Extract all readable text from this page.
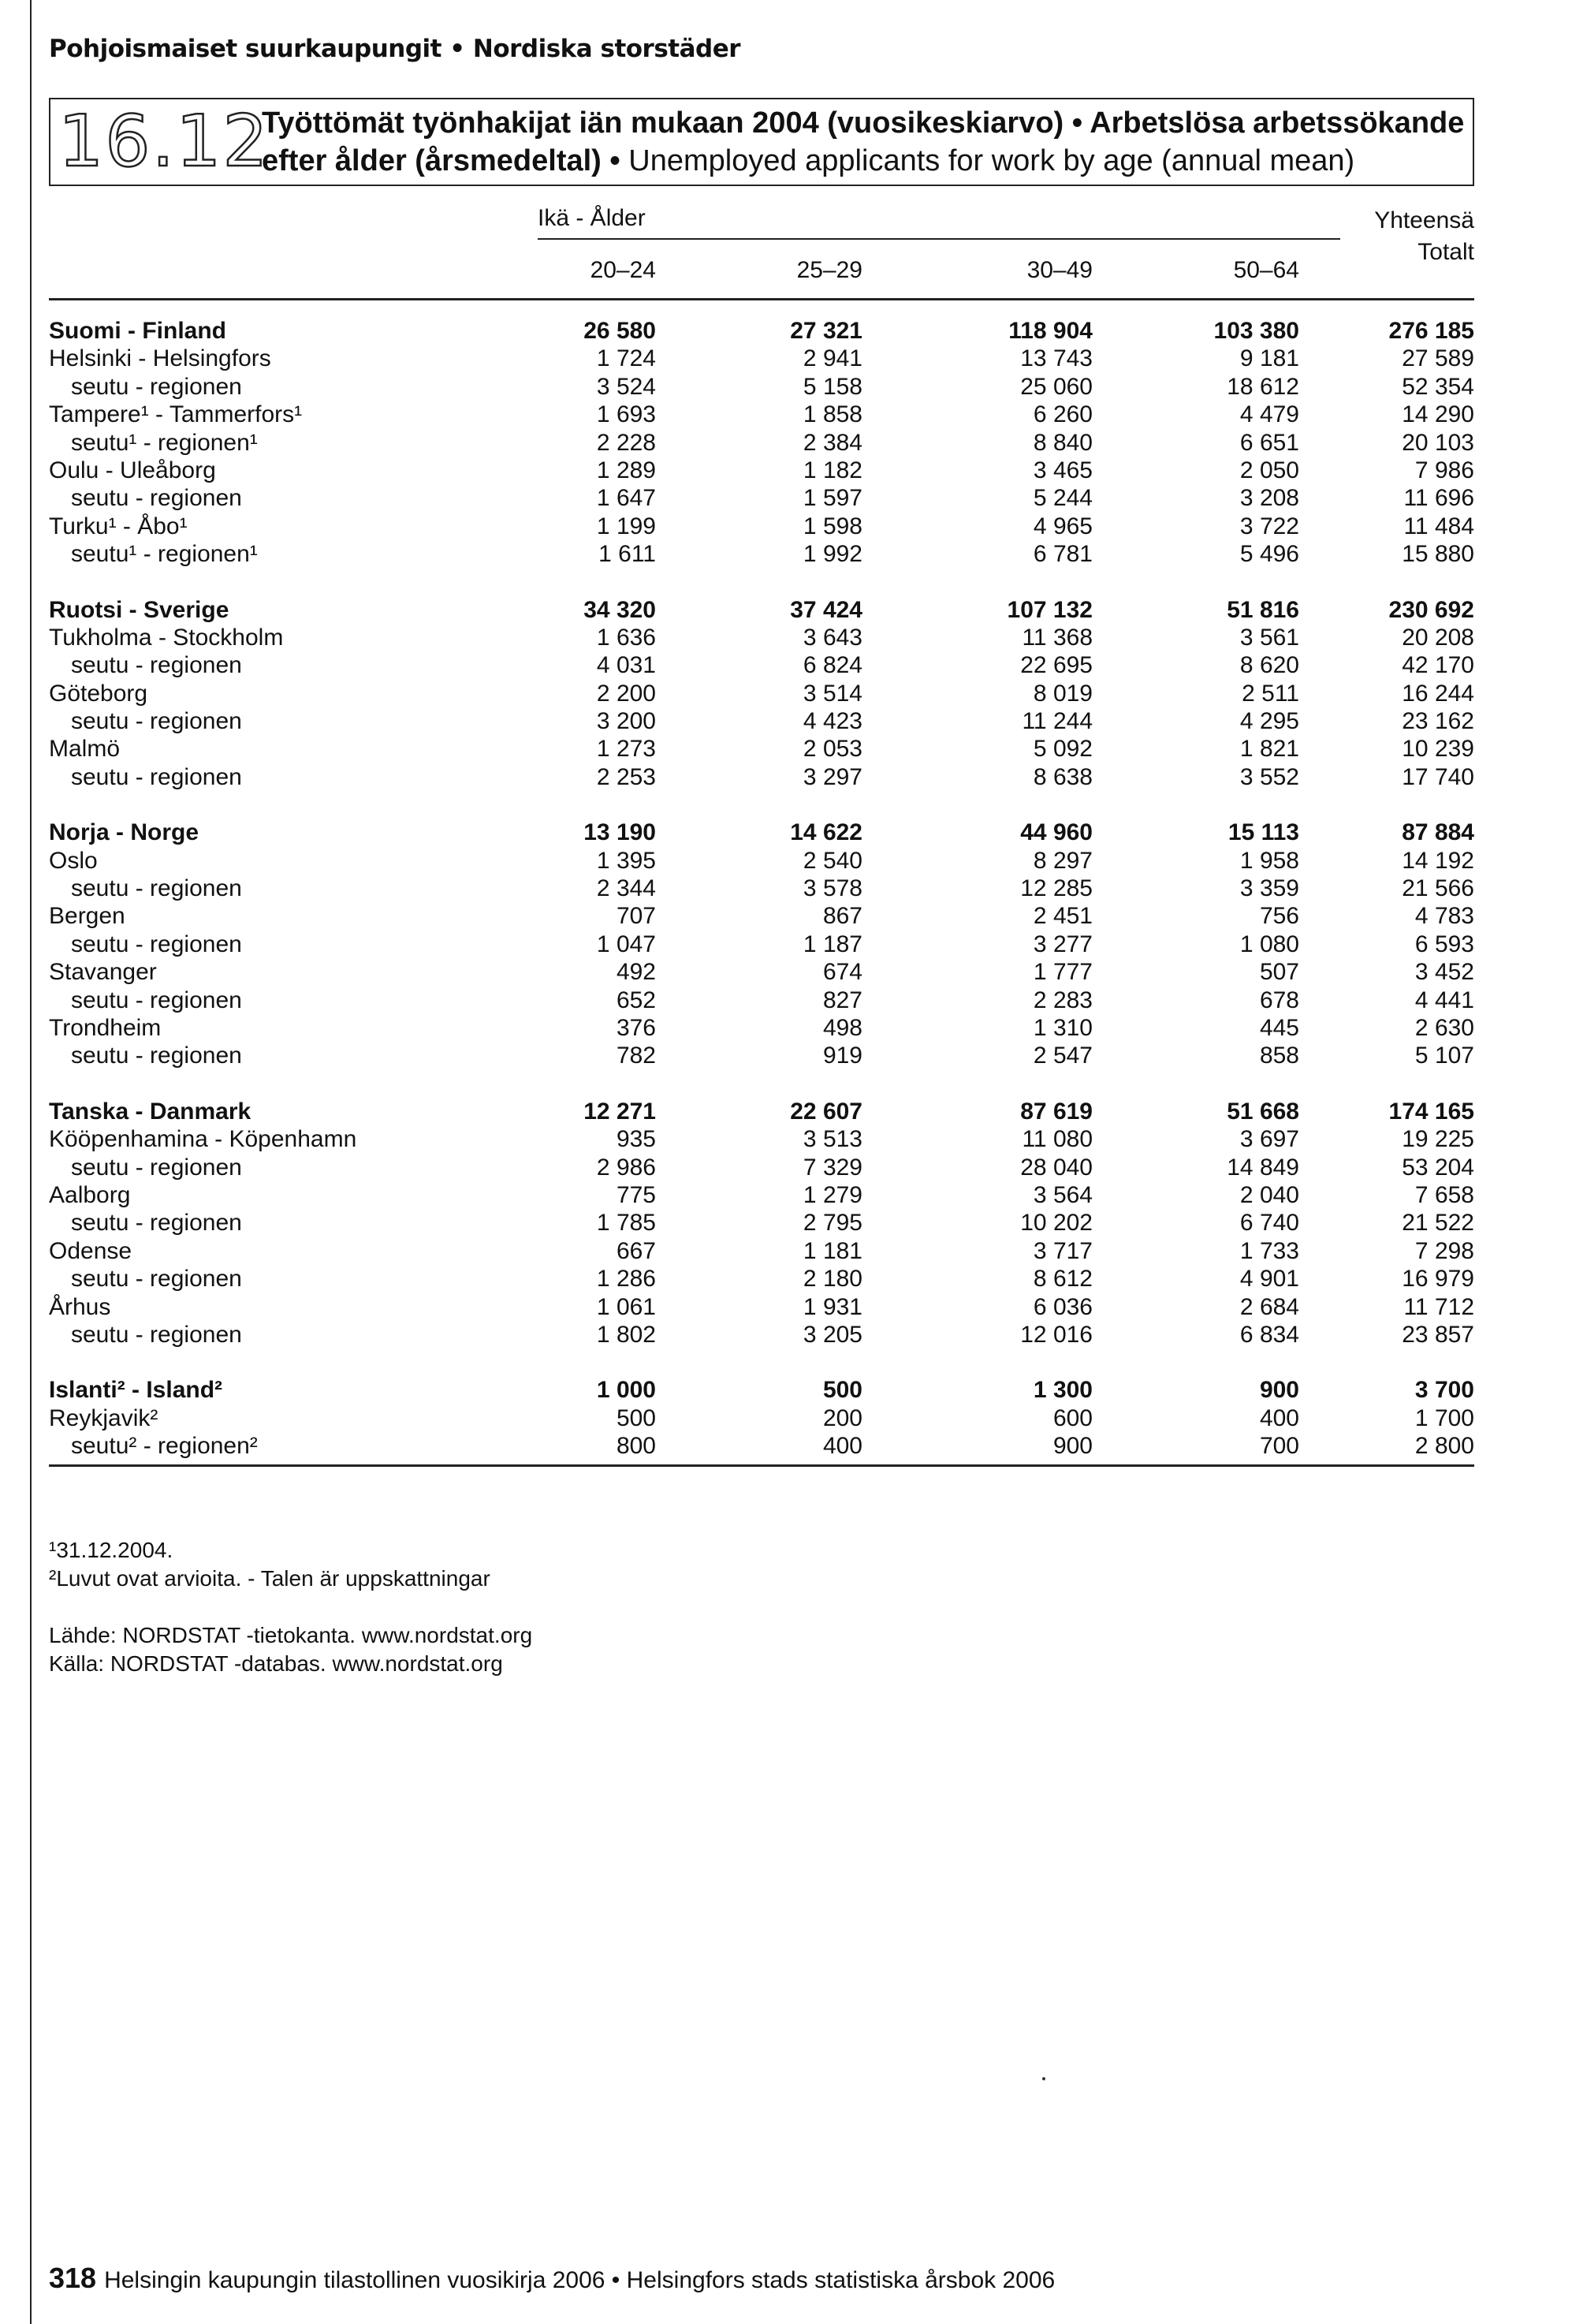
Pohjoismaiset suurkaupungit • Nordiska storstäder
16.12
Työttömät työnhakijat iän mukaan 2004 (vuosikeskiarvo) • Arbetslösa arbetssökande efter ålder (årsmedeltal) • Unemployed applicants for work by age (annual mean)
Ikä - Ålder	Yhteensä
Totalt
20–24	25–29	30–49	50–64
Suomi - Finland	26 580	27 321	118 904	103 380	276 185
Helsinki - Helsingfors	1 724	2 941	13 743	9 181	27 589
seutu - regionen	3 524	5 158	25 060	18 612	52 354
Tampere¹ - Tammerfors¹	1 693	1 858	6 260	4 479	14 290
seutu¹ - regionen¹	2 228	2 384	8 840	6 651	20 103
Oulu - Uleåborg	1 289	1 182	3 465	2 050	7 986
seutu - regionen	1 647	1 597	5 244	3 208	11 696
Turku¹ - Åbo¹	1 199	1 598	4 965	3 722	11 484
seutu¹ - regionen¹	1 611	1 992	6 781	5 496	15 880
Ruotsi - Sverige	34 320	37 424	107 132	51 816	230 692
Tukholma - Stockholm	1 636	3 643	11 368	3 561	20 208
seutu - regionen	4 031	6 824	22 695	8 620	42 170
Göteborg	2 200	3 514	8 019	2 511	16 244
seutu - regionen	3 200	4 423	11 244	4 295	23 162
Malmö	1 273	2 053	5 092	1 821	10 239
seutu - regionen	2 253	3 297	8 638	3 552	17 740
Norja - Norge	13 190	14 622	44 960	15 113	87 884
Oslo	1 395	2 540	8 297	1 958	14 192
seutu - regionen	2 344	3 578	12 285	3 359	21 566
Bergen	707	867	2 451	756	4 783
seutu - regionen	1 047	1 187	3 277	1 080	6 593
Stavanger	492	674	1 777	507	3 452
seutu - regionen	652	827	2 283	678	4 441
Trondheim	376	498	1 310	445	2 630
seutu - regionen	782	919	2 547	858	5 107
Tanska - Danmark	12 271	22 607	87 619	51 668	174 165
Kööpenhamina - Köpenhamn	935	3 513	11 080	3 697	19 225
seutu - regionen	2 986	7 329	28 040	14 849	53 204
Aalborg	775	1 279	3 564	2 040	7 658
seutu - regionen	1 785	2 795	10 202	6 740	21 522
Odense	667	1 181	3 717	1 733	7 298
seutu - regionen	1 286	2 180	8 612	4 901	16 979
Århus	1 061	1 931	6 036	2 684	11 712
seutu - regionen	1 802	3 205	12 016	6 834	23 857
Islanti² - Island²	1 000	500	1 300	900	3 700
Reykjavik²	500	200	600	400	1 700
seutu² - regionen²	800	400	900	700	2 800
¹31.12.2004.
²Luvut ovat arvioita. - Talen är uppskattningar
Lähde: NORDSTAT -tietokanta. www.nordstat.org
Källa: NORDSTAT -databas. www.nordstat.org
318 Helsingin kaupungin tilastollinen vuosikirja 2006 • Helsingfors stads statistiska årsbok 2006
